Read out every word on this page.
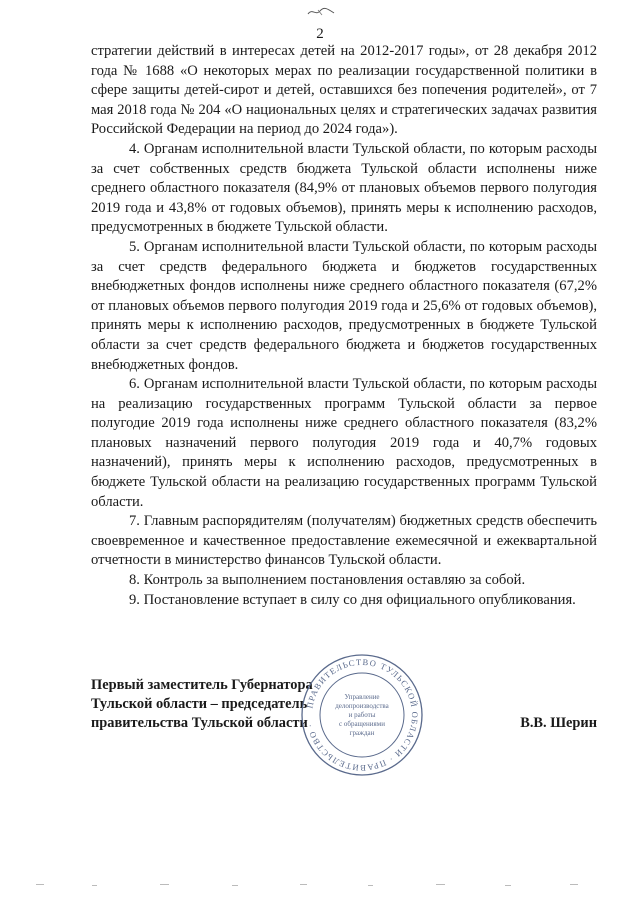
2

стратегии действий в интересах детей на 2012-2017 годы», от 28 декабря 2012 года № 1688 «О некоторых мерах по реализации государственной политики в сфере защиты детей-сирот и детей, оставшихся без попечения родителей», от 7 мая 2018 года № 204 «О национальных целях и стратегических задачах развития Российской Федерации на период до 2024 года»).

4. Органам исполнительной власти Тульской области, по которым расходы за счет собственных средств бюджета Тульской области исполнены ниже среднего областного показателя (84,9% от плановых объемов первого полугодия 2019 года и 43,8% от годовых объемов), принять меры к исполнению расходов, предусмотренных в бюджете Тульской области.

5. Органам исполнительной власти Тульской области, по которым расходы за счет средств федерального бюджета и бюджетов государственных внебюджетных фондов исполнены ниже среднего областного показателя (67,2% от плановых объемов первого полугодия 2019 года и 25,6% от годовых объемов), принять меры к исполнению расходов, предусмотренных в бюджете Тульской области за счет средств федерального бюджета и бюджетов государственных внебюджетных фондов.

6. Органам исполнительной власти Тульской области, по которым расходы на реализацию государственных программ Тульской области за первое полугодие 2019 года исполнены ниже среднего областного показателя (83,2% плановых назначений первого полугодия 2019 года и 40,7% годовых назначений), принять меры к исполнению расходов, предусмотренных в бюджете Тульской области на реализацию государственных программ Тульской области.

7. Главным распорядителям (получателям) бюджетных средств обеспечить своевременное и качественное предоставление ежемесячной и ежеквартальной отчетности в министерство финансов Тульской области.

8. Контроль за выполнением постановления оставляю за собой.

9. Постановление вступает в силу со дня официального опубликования.

Первый заместитель Губернатора
Тульской области – председатель
правительства Тульской области
ПРАВИТЕЛЬСТВО ТУЛЬСКОЙ ОБЛАСТИ · ПРАВИТЕЛЬСТВО ·
Управление
делопроизводства
и работы
с обращениями
граждан
В.В. Шерин
